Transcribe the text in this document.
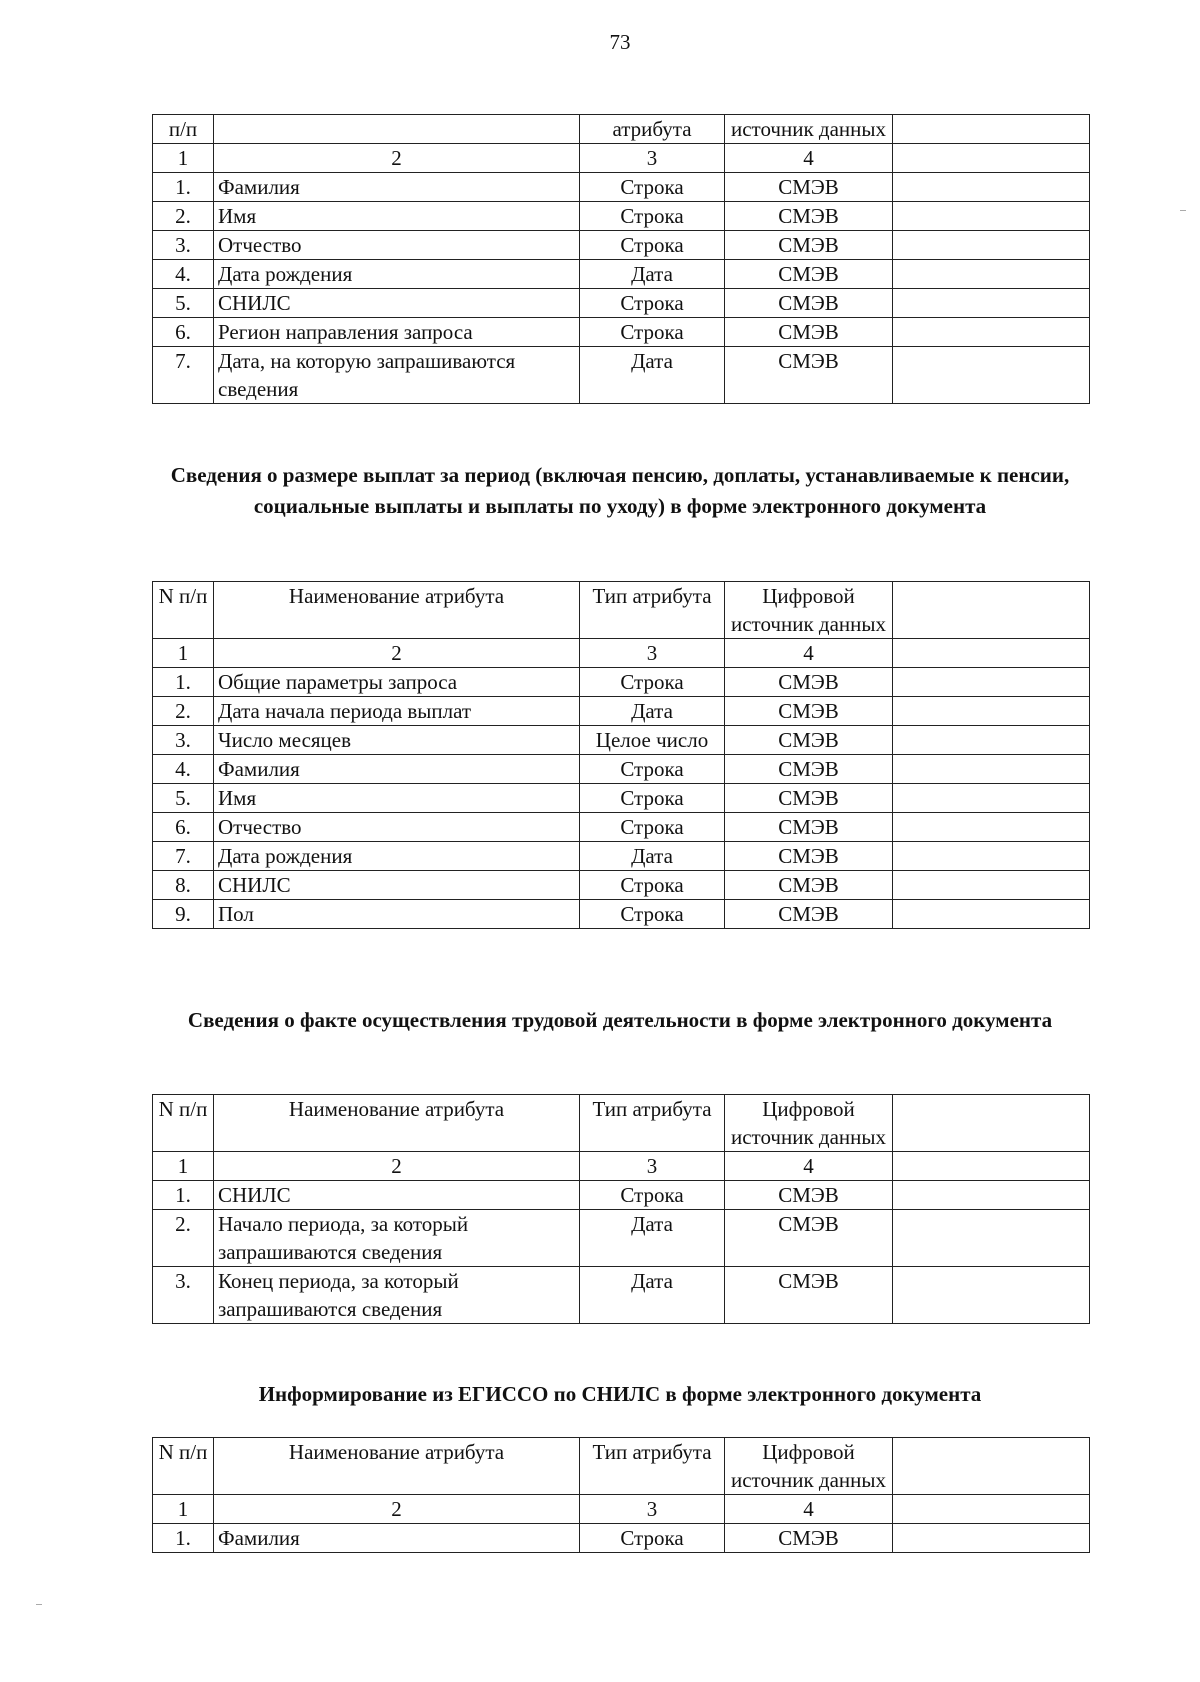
73
п/п		атрибута	источник данных	
1	2	3	4	
1.	Фамилия	Строка	СМЭВ	
2.	Имя	Строка	СМЭВ	
3.	Отчество	Строка	СМЭВ	
4.	Дата рождения	Дата	СМЭВ	
5.	СНИЛС	Строка	СМЭВ	
6.	Регион направления запроса	Строка	СМЭВ	
7.	Дата, на которую запрашиваются сведения	Дата	СМЭВ	
Сведения о размере выплат за период (включая пенсию, доплаты, устанавливаемые к пенсии, социальные выплаты и выплаты по уходу) в форме электронного документа
N п/п	Наименование атрибута	Тип атрибута	Цифровой источник данных	
1	2	3	4	
1.	Общие параметры запроса	Строка	СМЭВ	
2.	Дата начала периода выплат	Дата	СМЭВ	
3.	Число месяцев	Целое число	СМЭВ	
4.	Фамилия	Строка	СМЭВ	
5.	Имя	Строка	СМЭВ	
6.	Отчество	Строка	СМЭВ	
7.	Дата рождения	Дата	СМЭВ	
8.	СНИЛС	Строка	СМЭВ	
9.	Пол	Строка	СМЭВ	
Сведения о факте осуществления трудовой деятельности в форме электронного документа
N п/п	Наименование атрибута	Тип атрибута	Цифровой источник данных	
1	2	3	4	
1.	СНИЛС	Строка	СМЭВ	
2.	Начало периода, за который запрашиваются сведения	Дата	СМЭВ	
3.	Конец периода, за который запрашиваются сведения	Дата	СМЭВ	
Информирование из ЕГИССО по СНИЛС в форме электронного документа
N п/п	Наименование атрибута	Тип атрибута	Цифровой источник данных	
1	2	3	4	
1.	Фамилия	Строка	СМЭВ	
